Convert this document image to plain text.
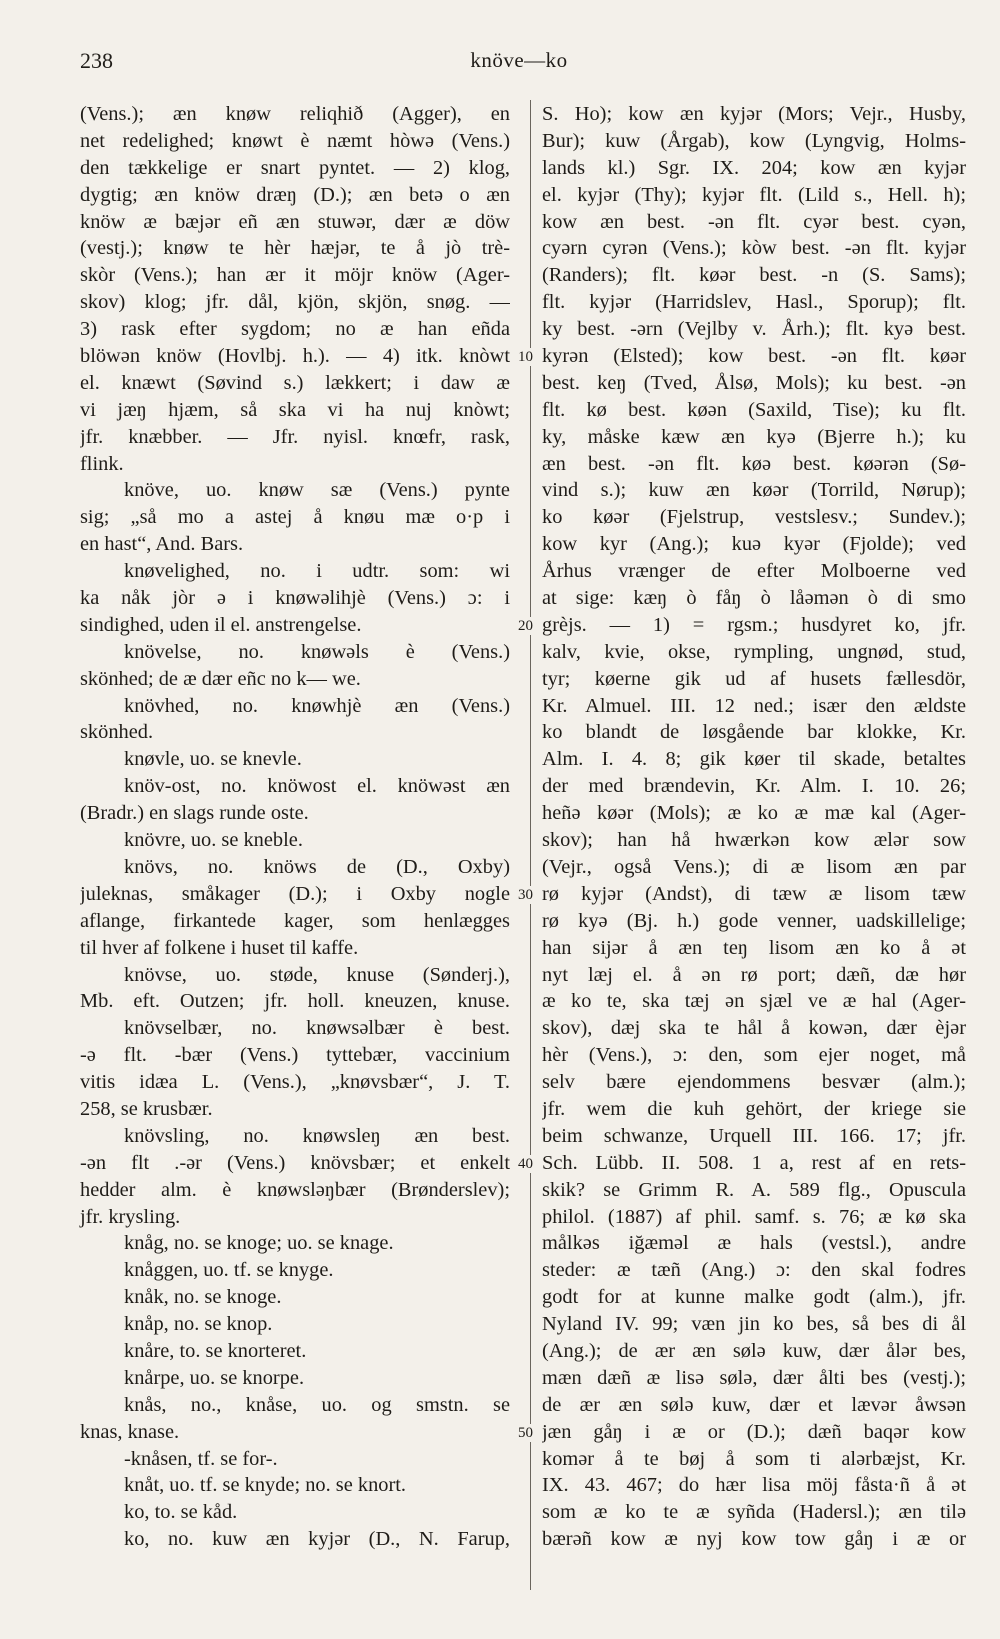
238	knöve—ko
(Vens.); æn knøw reliqhið (Agger), en
net redelighed; knøwt è næmt hòwə (Vens.)
den tækkelige er snart pyntet. — 2) klog,
dygtig; æn knöw dræŋ (D.); æn betə o æn
knöw æ bæjər eñ æn stuwər, dær æ döw
(vestj.); knøw te hèr hæjər, te å jò trè-
skòr (Vens.); han ær it möjr knöw (Ager-
skov) klog; jfr. dål, kjön, skjön, snøg. —
3) rask efter sygdom; no æ han eñda
blöwən knöw (Hovlbj. h.). — 4) itk. knòwt
el. knæwt (Søvind s.) lækkert; i daw æ
vi jæŋ hjæm, så ska vi ha nuj knòwt;
jfr. knæbber. — Jfr. nyisl. knœfr, rask,
flink.
knöve, uo. knøw sæ (Vens.) pynte
sig; „så mo a astej å knøu mæ o·p i
en hast“, And. Bars.
knøvelighed, no. i udtr. som: wi
ka nåk jòr ə i knøwəlihjè (Vens.) ɔ: i
sindighed, uden il el. anstrengelse.
knövelse, no. knøwəls è (Vens.)
skönhed; de æ dær eñc no k— we.
knövhed, no. knøwhjè æn (Vens.)
skönhed.
knøvle, uo. se knevle.
knöv-ost, no. knöwost el. knöwəst æn
(Bradr.) en slags runde oste.
knövre, uo. se kneble.
knövs, no. knöws de (D., Oxby)
juleknas, småkager (D.); i Oxby nogle
aflange, firkantede kager, som henlægges
til hver af folkene i huset til kaffe.
knövse, uo. støde, knuse (Sønderj.),
Mb. eft. Outzen; jfr. holl. kneuzen, knuse.
knövselbær, no. knøwsəlbær è best.
-ə flt. -bær (Vens.) tyttebær, vaccinium
vitis idæa L. (Vens.), „knøvsbær“, J. T.
258, se krusbær.
knövsling, no. knøwsleŋ æn best.
-ən flt .-ər (Vens.) knövsbær; et enkelt
hedder alm. è knøwsləŋbær (Brønderslev);
jfr. krysling.
knåg, no. se knoge; uo. se knage.
knåggen, uo. tf. se knyge.
knåk, no. se knoge.
knåp, no. se knop.
knåre, to. se knorteret.
knårpe, uo. se knorpe.
knås, no., knåse, uo. og smstn. se
knas, knase.
-knåsen, tf. se for-.
knåt, uo. tf. se knyde; no. se knort.
ko, to. se kåd.
ko, no. kuw æn kyjər (D., N. Farup,
S. Ho); kow æn kyjər (Mors; Vejr., Husby,
Bur); kuw (Årgab), kow (Lyngvig, Holms-
lands kl.) Sgr. IX. 204; kow æn kyjər
el. kyjər (Thy); kyjər flt. (Lild s., Hell. h);
kow æn best. -ən flt. cyər best. cyən,
cyərn cyrən (Vens.); kòw best. -ən flt. kyjər
(Randers); flt. køər best. -n (S. Sams);
flt. kyjər (Harridslev, Hasl., Sporup); flt.
ky best. -ərn (Vejlby v. Årh.); flt. kyə best.
kyrən (Elsted); kow best. -ən flt. køər
best. keŋ (Tved, Ålsø, Mols); ku best. -ən
flt. kø best. køən (Saxild, Tise); ku flt.
ky, måske kæw æn kyə (Bjerre h.); ku
æn best. -ən flt. køə best. køərən (Sø-
vind s.); kuw æn køər (Torrild, Nørup);
ko køər (Fjelstrup, vestslesv.; Sundev.);
kow kyr (Ang.); kuə kyər (Fjolde); ved
Århus vrænger de efter Molboerne ved
at sige: kæŋ ò fåŋ ò låəmən ò di smo
grèjs. — 1) = rgsm.; husdyret ko, jfr.
kalv, kvie, okse, rympling, ungnød, stud,
tyr; køerne gik ud af husets fællesdör,
Kr. Almuel. III. 12 ned.; især den ældste
ko blandt de løsgående bar klokke, Kr.
Alm. I. 4. 8; gik køer til skade, betaltes
der med brændevin, Kr. Alm. I. 10. 26;
heñə køər (Mols); æ ko æ mæ kal (Ager-
skov); han hå hwærkən kow ælər sow
(Vejr., også Vens.); di æ lisom æn par
rø kyjər (Andst), di tæw æ lisom tæw
rø kyə (Bj. h.) gode venner, uadskillelige;
han sijər å æn teŋ lisom æn ko å ət
nyt læj el. å ən rø port; dæñ, dæ hør
æ ko te, ska tæj ən sjæl ve æ hal (Ager-
skov), dæj ska te hål å kowən, dær èjər
hèr (Vens.), ɔ: den, som ejer noget, må
selv bære ejendommens besvær (alm.);
jfr. wem die kuh gehört, der kriege sie
beim schwanze, Urquell III. 166. 17; jfr.
Sch. Lübb. II. 508. 1 a, rest af en rets-
skik? se Grimm R. A. 589 flg., Opuscula
philol. (1887) af phil. samf. s. 76; æ kø ska
målkəs iğæməl æ hals (vestsl.), andre
steder: æ tæñ (Ang.) ɔ: den skal fodres
godt for at kunne malke godt (alm.), jfr.
Nyland IV. 99; væn jin ko bes, så bes di ål
(Ang.); de ær æn sølə kuw, dær ålər bes,
mæn dæñ æ lisə sølə, dær ålti bes (vestj.);
de ær æn sølə kuw, dær et lævər åwsən
jæn gåŋ i æ or (D.); dæñ baqər kow
komər å te bøj å som ti alərbæjst, Kr.
IX. 43. 467; do hær lisa möj fåsta·ñ å ət
som æ ko te æ syñda (Hadersl.); æn tilə
bærəñ kow æ nyj kow tow gåŋ i æ or
10
20
30
40
50
